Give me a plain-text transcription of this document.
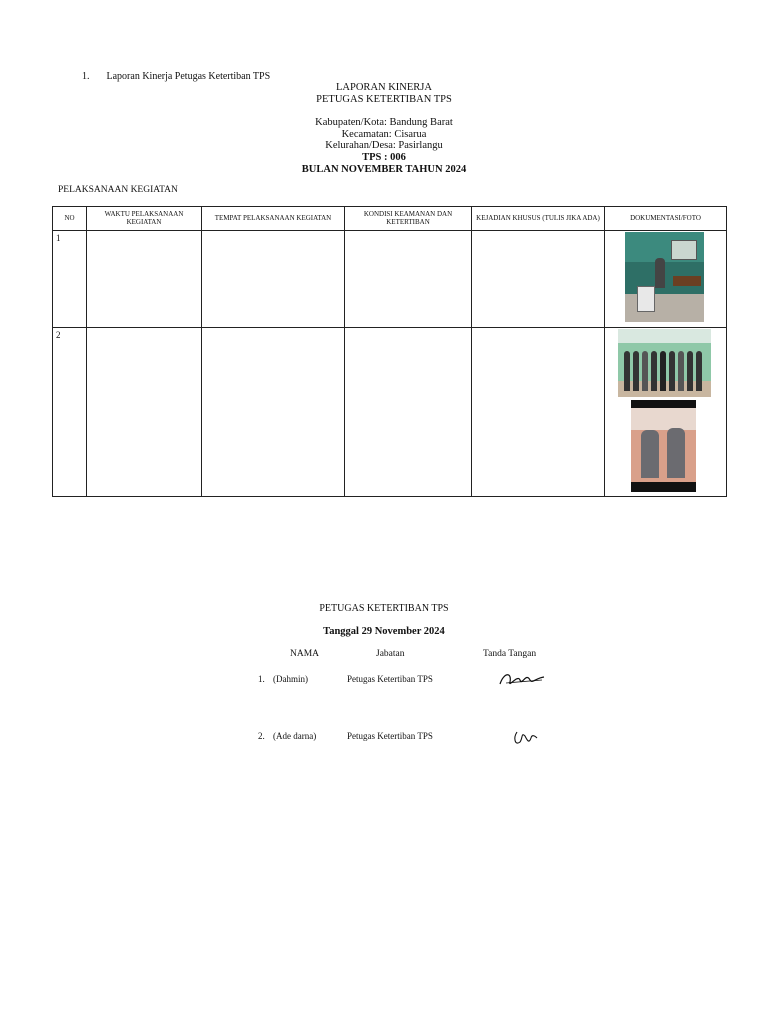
1. Laporan Kinerja Petugas Ketertiban TPS
LAPORAN KINERJA
PETUGAS KETERTIBAN TPS
Kabupaten/Kota: Bandung Barat
Kecamatan: Cisarua
Kelurahan/Desa: Pasirlangu
TPS : 006
BULAN NOVEMBER TAHUN 2024
PELAKSANAAN KEGIATAN
NO	WAKTU PELAKSANAAN KEGIATAN	TEMPAT PELAKSANAAN KEGIATAN	KONDISI KEAMANAN DAN KETERTIBAN	KEJADIAN KHUSUS (TULIS JIKA ADA)	DOKUMENTASI/FOTO
1					

2					
PETUGAS KETERTIBAN TPS
Tanggal 29 November 2024
NAMA	Jabatan	Tanda Tangan
1. (Dahmin)	Petugas Ketertiban TPS
2. (Ade darna)	Petugas Ketertiban TPS
